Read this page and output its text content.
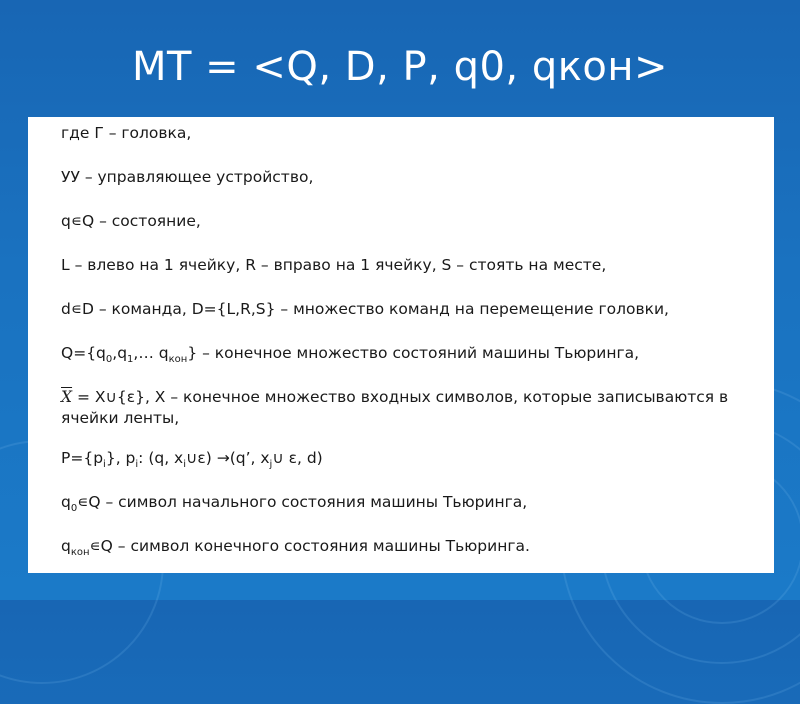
МТ = <Q, D, P, q0, qкон>
где Г – головка,
УУ – управляющее устройство,
q∊Q – состояние,
L – влево на 1 ячейку, R – вправо на 1 ячейку, S – стоять на месте,
d∊D – команда, D={L,R,S} – множество команд на перемещение головки,
$Q=\{q_0,q_1,\dots$ $q_{кон}$} – конечное множество состояний машины Тьюринга,
$\overline{X}$ = X∪{ε}, X – конечное множество входных символов, которые записываются в ячейки ленты,
$P=\{p_i\}$, $p_i$: (q, $x_i\cup\varepsilon) \to(q$’, $x_j\cup$ ε, d)
$q_0∊Q$ – символ начального состояния машины Тьюринга,
$q_{кон}∊Q$ – символ конечного состояния машины Тьюринга.
